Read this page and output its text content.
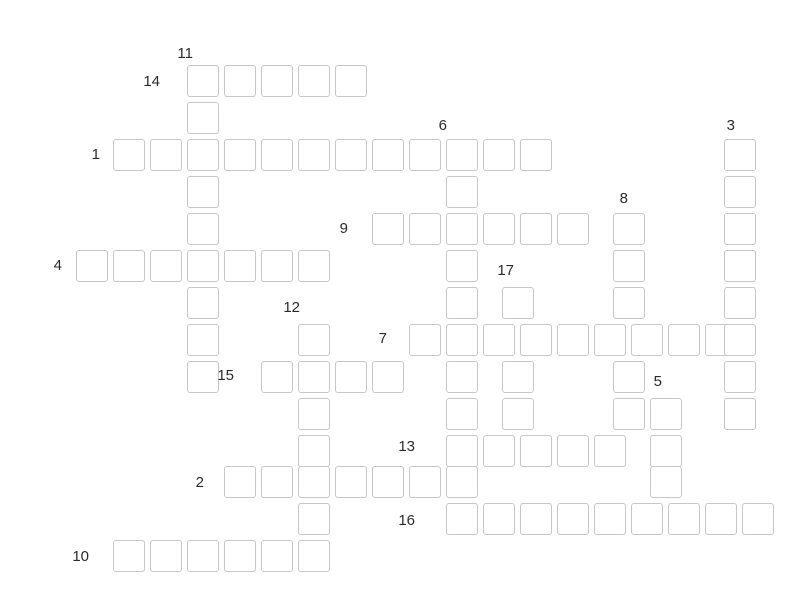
11
14
6	3
1
8
9
17
4
12
7
15	5
13
2
16
10
